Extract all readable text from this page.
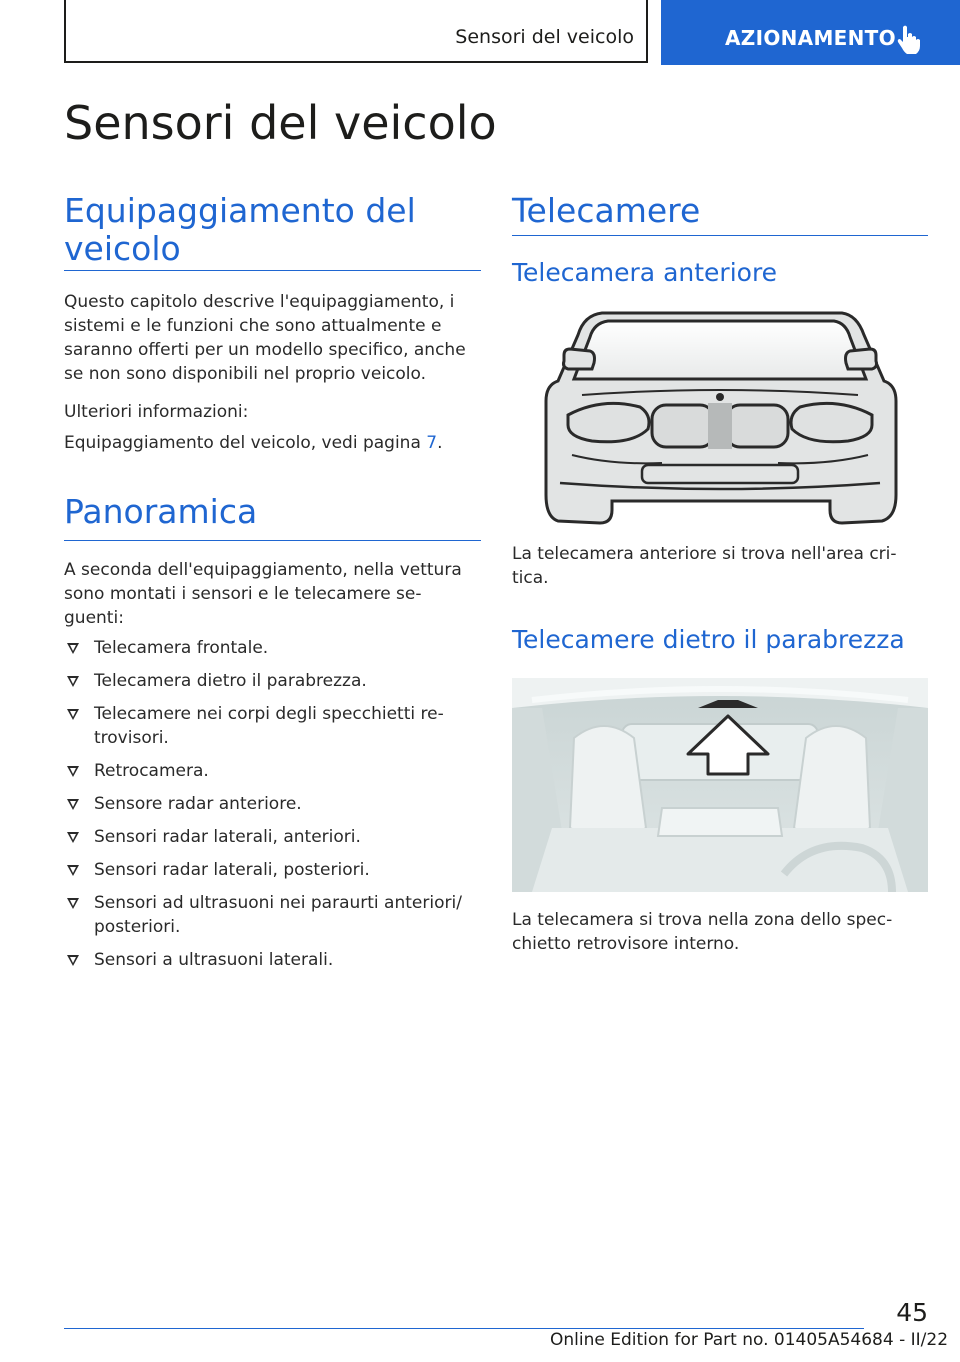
Sensori del veicolo	AZIONAMENTO
Sensori del veicolo
Equipaggiamento del veicolo

Questo capitolo descrive l'equipaggiamento, i sistemi e le funzioni che sono attualmente e saranno offerti per un modello specifico, anche se non sono disponibili nel proprio veicolo.

Ulteriori informazioni:

Equipaggiamento del veicolo, vedi pagina 7.

Panoramica

A seconda dell'equipaggiamento, nella vettura sono montati i sensori e le telecamere se- guenti:

Telecamera frontale.
Telecamera dietro il parabrezza.
Telecamere nei corpi degli specchietti re- trovisori.
Retrocamera.
Sensore radar anteriore.
Sensori radar laterali, anteriori.
Sensori radar laterali, posteriori.
Sensori ad ultrasuoni nei paraurti anteriori/ posteriori.
Sensori a ultrasuoni laterali.
Telecamere
Telecamera anteriore

La telecamera anteriore si trova nell'area cri- tica.

Telecamere dietro il parabrezza

La telecamera si trova nella zona dello spec- chietto retrovisore interno.

45
Online Edition for Part no. 01405A54684 - II/22
